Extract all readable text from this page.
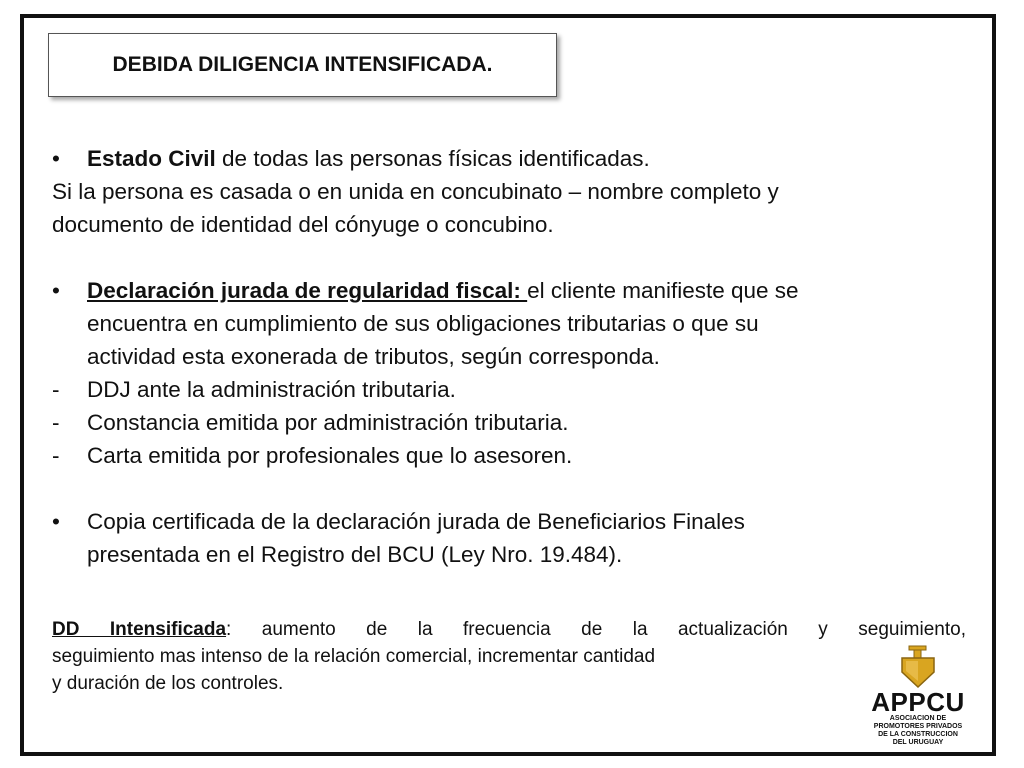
DEBIDA DILIGENCIA INTENSIFICADA.
• Estado Civil de todas las personas físicas identificadas.
Si la persona es casada o en unida en concubinato – nombre completo y
documento de identidad del cónyuge o concubino.
• Declaración jurada de regularidad fiscal: el cliente manifieste que se
encuentra en cumplimiento de sus obligaciones tributarias o que su
actividad esta exonerada de tributos, según corresponda.
- DDJ ante la administración tributaria.
- Constancia emitida por administración tributaria.
- Carta emitida por profesionales que lo asesoren.
• Copia certificada de la declaración jurada de Beneficiarios Finales
presentada en el Registro del BCU (Ley Nro. 19.484).
DD Intensificada: aumento de la frecuencia de la actualización y seguimiento,
seguimiento mas intenso de la relación comercial, incrementar cantidad
y duración de los controles.
APPCU
ASOCIACION DE
PROMOTORES PRIVADOS
DE LA CONSTRUCCION
DEL URUGUAY
